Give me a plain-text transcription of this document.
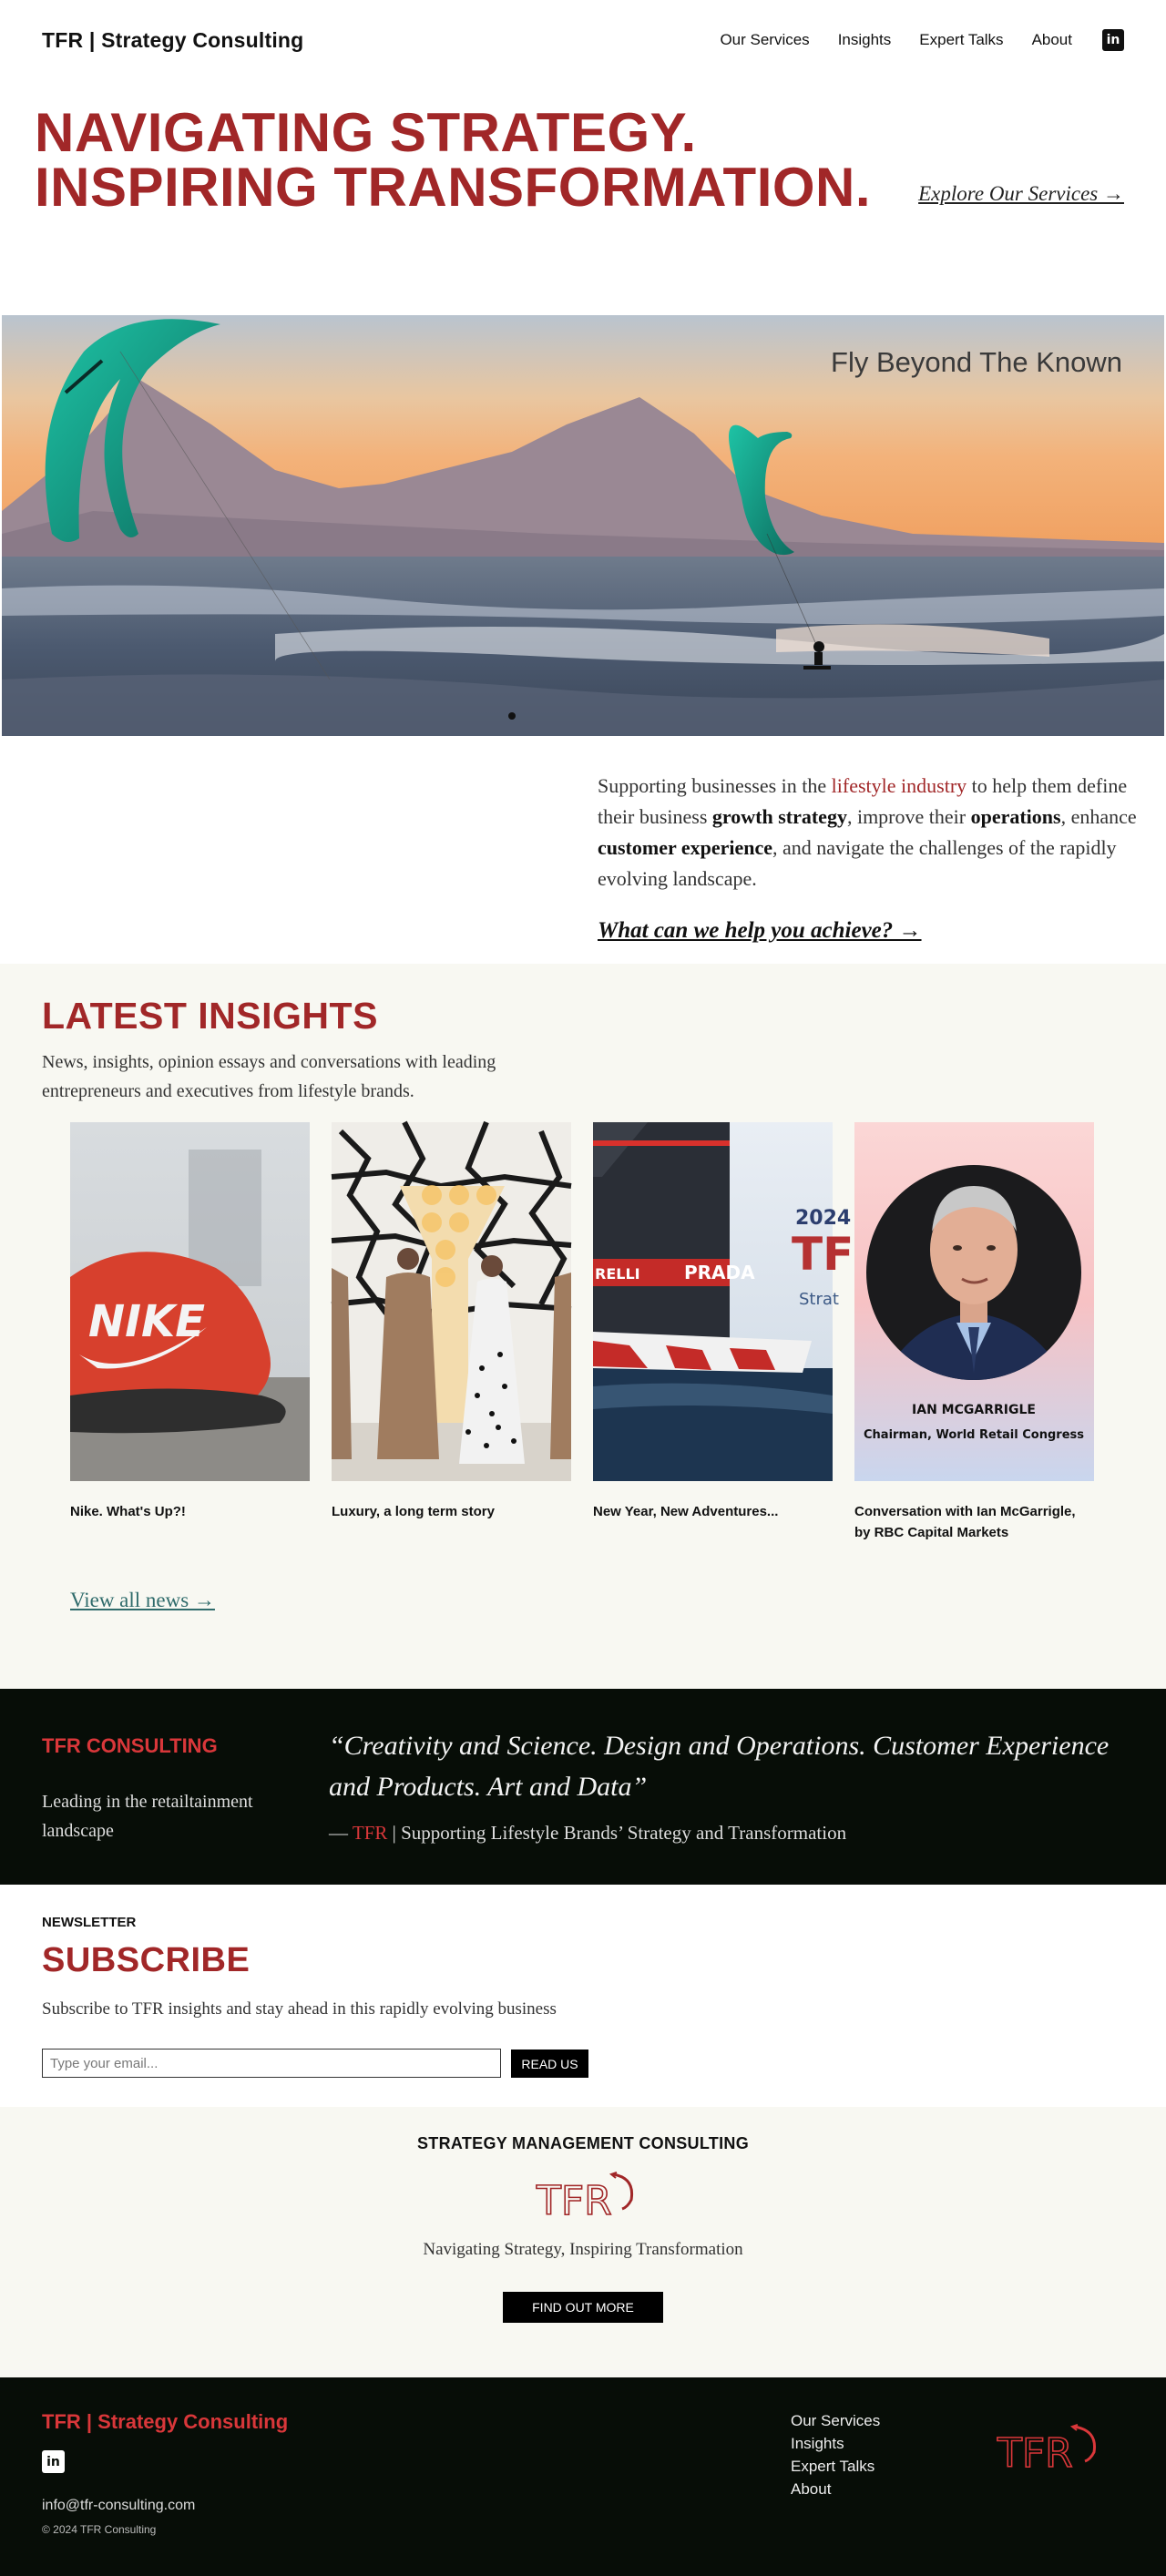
TFR | Strategy Consulting	Our Services Insights Expert Talks About	in
NAVIGATING STRATEGY.
INSPIRING TRANSFORMATION.	Explore Our Services →
Fly Beyond The Known

Supporting businesses in the lifestyle industry to help them define their business growth strategy, improve their operations, enhance customer experience, and navigate the challenges of the rapidly evolving landscape.

What can we help you achieve? →
LATEST INSIGHTS

News, insights, opinion essays and conversations with leading entrepreneurs and executives from lifestyle brands.

NIKE
Nike. What's Up?!	Luxury, a long term story
PRADA
RELLI
2024
TF
Strat
New Year, New Adventures...
IAN MCGARRIGLE
Chairman, World Retail Congress
Conversation with Ian McGarrigle, by RBC Capital Markets
View all news →
TFR CONSULTING
Leading in the retailtainment landscape
“Creativity and Science. Design and Operations. Customer Experience and Products. Art and Data”
— TFR | Supporting Lifestyle Brands’ Strategy and Transformation
NEWSLETTER
SUBSCRIBE

Subscribe to TFR insights and stay ahead in this rapidly evolving business

Type your email...
READ US
STRATEGY MANAGEMENT CONSULTING
TFR
Navigating Strategy, Inspiring Transformation
FIND OUT MORE
TFR | Strategy Consulting
in
info@tfr-consulting.com
© 2024 TFR Consulting
Our Services
Insights
Expert Talks
About
TFR
